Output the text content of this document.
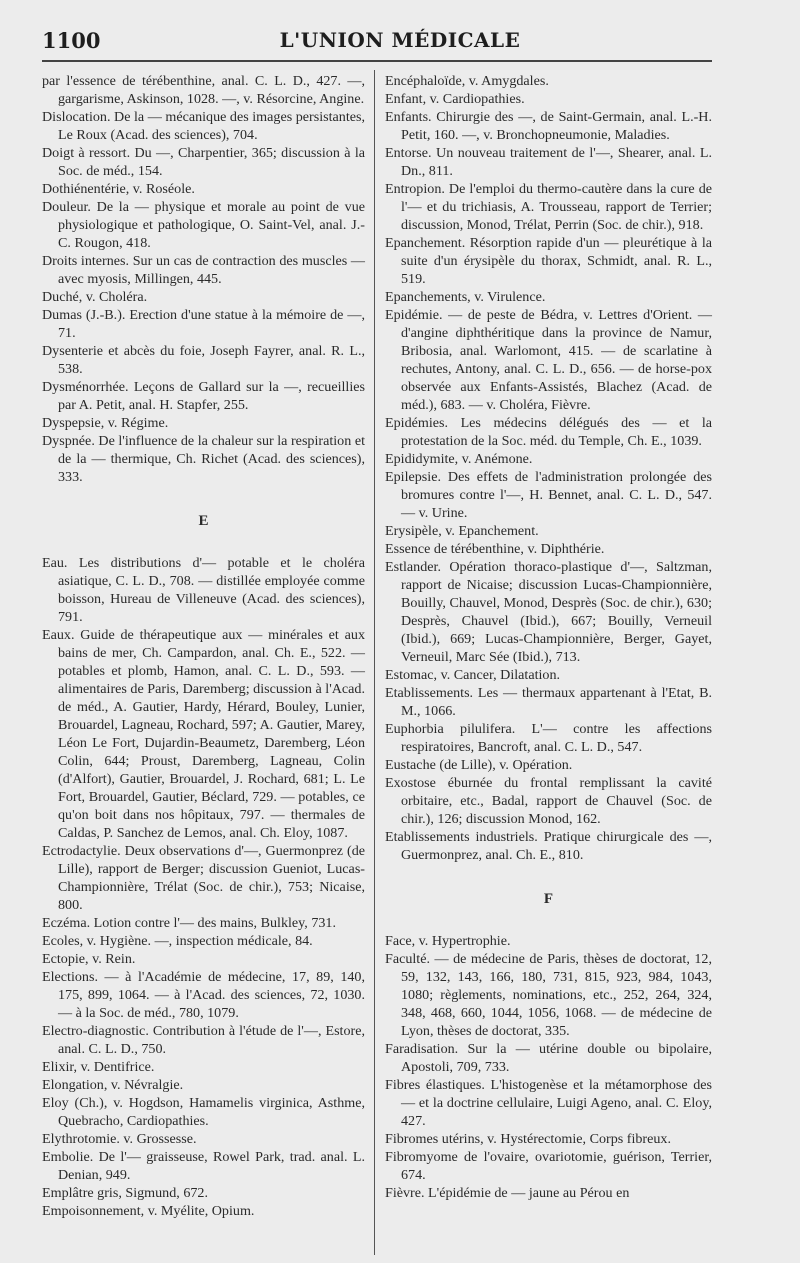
1100	L'UNION MÉDICALE

par l'essence de térébenthine, anal. C. L. D., 427. —, gargarisme, Askinson, 1028. —, v. Résorcine, Angine.

Dislocation. De la — mécanique des images persistantes, Le Roux (Acad. des sciences), 704.

Doigt à ressort. Du —, Charpentier, 365; discussion à la Soc. de méd., 154.

Dothiénentérie, v. Roséole.

Douleur. De la — physique et morale au point de vue physiologique et pathologique, O. Saint-Vel, anal. J.-C. Rougon, 418.

Droits internes. Sur un cas de contraction des muscles — avec myosis, Millingen, 445.

Duché, v. Choléra.

Dumas (J.-B.). Erection d'une statue à la mémoire de —, 71.

Dysenterie et abcès du foie, Joseph Fayrer, anal. R. L., 538.

Dysménorrhée. Leçons de Gallard sur la —, recueillies par A. Petit, anal. H. Stapfer, 255.

Dyspepsie, v. Régime.

Dyspnée. De l'influence de la chaleur sur la respiration et de la — thermique, Ch. Richet (Acad. des sciences), 333.

E

Eau. Les distributions d'— potable et le choléra asiatique, C. L. D., 708. — distillée employée comme boisson, Hureau de Villeneuve (Acad. des sciences), 791.

Eaux. Guide de thérapeutique aux — minérales et aux bains de mer, Ch. Campardon, anal. Ch. E., 522. — potables et plomb, Hamon, anal. C. L. D., 593. — alimentaires de Paris, Daremberg; discussion à l'Acad. de méd., A. Gautier, Hardy, Hérard, Bouley, Lunier, Brouardel, Lagneau, Rochard, 597; A. Gautier, Marey, Léon Le Fort, Dujardin-Beaumetz, Daremberg, Léon Colin, 644; Proust, Daremberg, Lagneau, Colin (d'Alfort), Gautier, Brouardel, J. Rochard, 681; L. Le Fort, Brouardel, Gautier, Béclard, 729. — potables, ce qu'on boit dans nos hôpitaux, 797. — thermales de Caldas, P. Sanchez de Lemos, anal. Ch. Eloy, 1087.

Ectrodactylie. Deux observations d'—, Guermonprez (de Lille), rapport de Berger; discussion Gueniot, Lucas-Championnière, Trélat (Soc. de chir.), 753; Nicaise, 800.

Eczéma. Lotion contre l'— des mains, Bulkley, 731.

Ecoles, v. Hygiène. —, inspection médicale, 84.

Ectopie, v. Rein.

Elections. — à l'Académie de médecine, 17, 89, 140, 175, 899, 1064. — à l'Acad. des sciences, 72, 1030. — à la Soc. de méd., 780, 1079.

Electro-diagnostic. Contribution à l'étude de l'—, Estore, anal. C. L. D., 750.

Elixir, v. Dentifrice.

Elongation, v. Névralgie.

Eloy (Ch.), v. Hogdson, Hamamelis virginica, Asthme, Quebracho, Cardiopathies.

Elythrotomie. v. Grossesse.

Embolie. De l'— graisseuse, Rowel Park, trad. anal. L. Denian, 949.

Emplâtre gris, Sigmund, 672.

Empoisonnement, v. Myélite, Opium.

Encéphaloïde, v. Amygdales.

Enfant, v. Cardiopathies.

Enfants. Chirurgie des —, de Saint-Germain, anal. L.-H. Petit, 160. —, v. Bronchopneumonie, Maladies.

Entorse. Un nouveau traitement de l'—, Shearer, anal. L. Dn., 811.

Entropion. De l'emploi du thermo-cautère dans la cure de l'— et du trichiasis, A. Trousseau, rapport de Terrier; discussion, Monod, Trélat, Perrin (Soc. de chir.), 918.

Epanchement. Résorption rapide d'un — pleurétique à la suite d'un érysipèle du thorax, Schmidt, anal. R. L., 519.

Epanchements, v. Virulence.

Epidémie. — de peste de Bédra, v. Lettres d'Orient. — d'angine diphthéritique dans la province de Namur, Bribosia, anal. Warlomont, 415. — de scarlatine à rechutes, Antony, anal. C. L. D., 656. — de horse-pox observée aux Enfants-Assistés, Blachez (Acad. de méd.), 683. — v. Choléra, Fièvre.

Epidémies. Les médecins délégués des — et la protestation de la Soc. méd. du Temple, Ch. E., 1039.

Epididymite, v. Anémone.

Epilepsie. Des effets de l'administration prolongée des bromures contre l'—, H. Bennet, anal. C. L. D., 547. — v. Urine.

Erysipèle, v. Epanchement.

Essence de térébenthine, v. Diphthérie.

Estlander. Opération thoraco-plastique d'—, Saltzman, rapport de Nicaise; discussion Lucas-Championnière, Bouilly, Chauvel, Monod, Desprès (Soc. de chir.), 630; Desprès, Chauvel (Ibid.), 667; Bouilly, Verneuil (Ibid.), 669; Lucas-Championnière, Berger, Gayet, Verneuil, Marc Sée (Ibid.), 713.

Estomac, v. Cancer, Dilatation.

Etablissements. Les — thermaux appartenant à l'Etat, B. M., 1066.

Euphorbia pilulifera. L'— contre les affections respiratoires, Bancroft, anal. C. L. D., 547.

Eustache (de Lille), v. Opération.

Exostose éburnée du frontal remplissant la cavité orbitaire, etc., Badal, rapport de Chauvel (Soc. de chir.), 126; discussion Monod, 162.

Etablissements industriels. Pratique chirurgicale des —, Guermonprez, anal. Ch. E., 810.

F

Face, v. Hypertrophie.

Faculté. — de médecine de Paris, thèses de doctorat, 12, 59, 132, 143, 166, 180, 731, 815, 923, 984, 1043, 1080; règlements, nominations, etc., 252, 264, 324, 348, 468, 660, 1044, 1056, 1068. — de médecine de Lyon, thèses de doctorat, 335.

Faradisation. Sur la — utérine double ou bipolaire, Apostoli, 709, 733.

Fibres élastiques. L'histogenèse et la métamorphose des — et la doctrine cellulaire, Luigi Ageno, anal. C. Eloy, 427.

Fibromes utérins, v. Hystérectomie, Corps fibreux.

Fibromyome de l'ovaire, ovariotomie, guérison, Terrier, 674.

Fièvre. L'épidémie de — jaune au Pérou en
